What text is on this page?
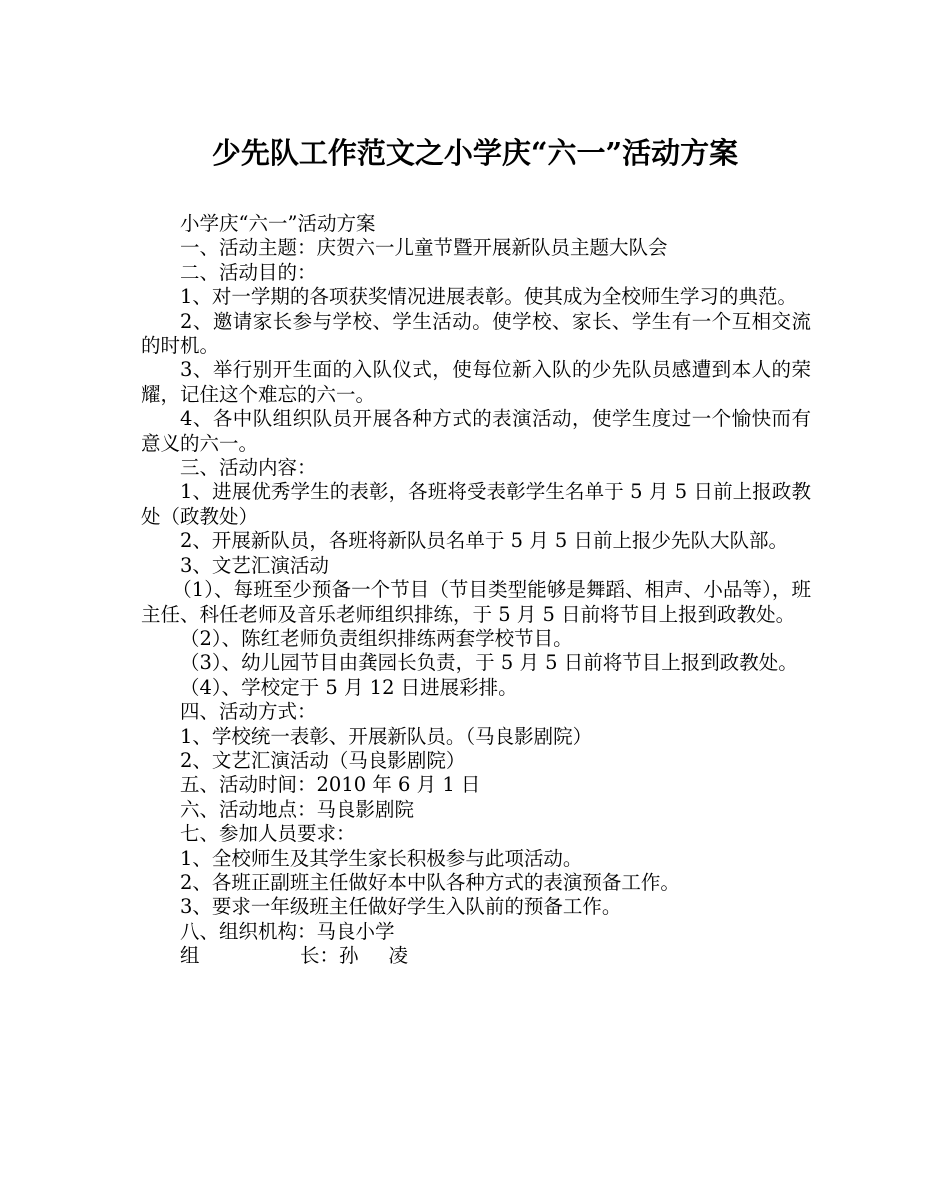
少先队工作范文之小学庆“六一”活动方案

小学庆“六一”活动方案

一、活动主题：庆贺六一儿童节暨开展新队员主题大队会

二、活动目的：

1、对一学期的各项获奖情况进展表彰。使其成为全校师生学习的典范。

2、邀请家长参与学校、学生活动。使学校、家长、学生有一个互相交流的时机。

3、举行别开生面的入队仪式，使每位新入队的少先队员感遭到本人的荣耀，记住这个难忘的六一。

4、各中队组织队员开展各种方式的表演活动，使学生度过一个愉快而有意义的六一。

三、活动内容：

1、进展优秀学生的表彰，各班将受表彰学生名单于 5 月 5 日前上报政教处（政教处）

2、开展新队员，各班将新队员名单于 5 月 5 日前上报少先队大队部。

3、文艺汇演活动

（1）、每班至少预备一个节目（节目类型能够是舞蹈、相声、小品等），班主任、科任老师及音乐老师组织排练，于 5 月 5 日前将节目上报到政教处。

（2）、陈红老师负责组织排练两套学校节目。

（3）、幼儿园节目由龚园长负责，于 5 月 5 日前将节目上报到政教处。

（4）、学校定于 5 月 12 日进展彩排。

四、活动方式：

1、学校统一表彰、开展新队员。（马良影剧院）

2、文艺汇演活动（马良影剧院）

五、活动时间：2010 年 6 月 1 日

六、活动地点：马良影剧院

七、参加人员要求：

1、全校师生及其学生家长积极参与此项活动。

2、各班正副班主任做好本中队各种方式的表演预备工作。

3、要求一年级班主任做好学生入队前的预备工作。

八、组织机构：马良小学

组	长：孙 凌
